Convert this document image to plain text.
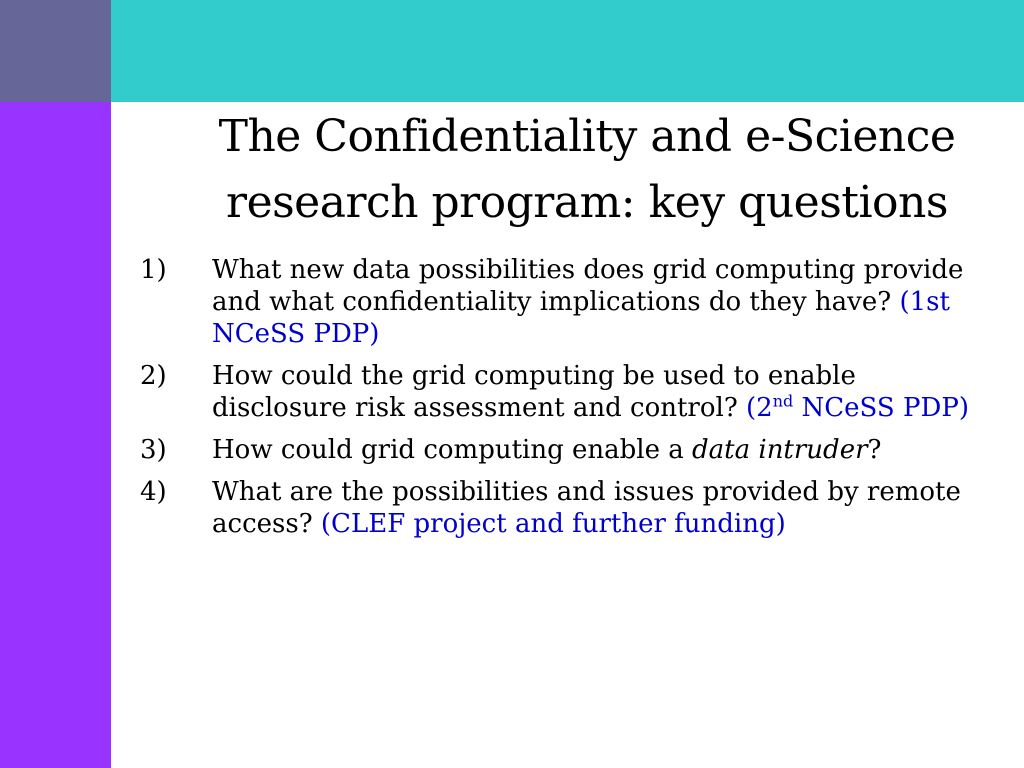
The Confidentiality and e-Science
research program: key questions
1) What new data possibilities does grid computing provide and what confidentiality implications do they have? (1st NCeSS PDP)
2) How could the grid computing be used to enable disclosure risk assessment and control? (2nd NCeSS PDP)
3) How could grid computing enable a data intruder?
4) What are the possibilities and issues provided by remote access? (CLEF project and further funding)
